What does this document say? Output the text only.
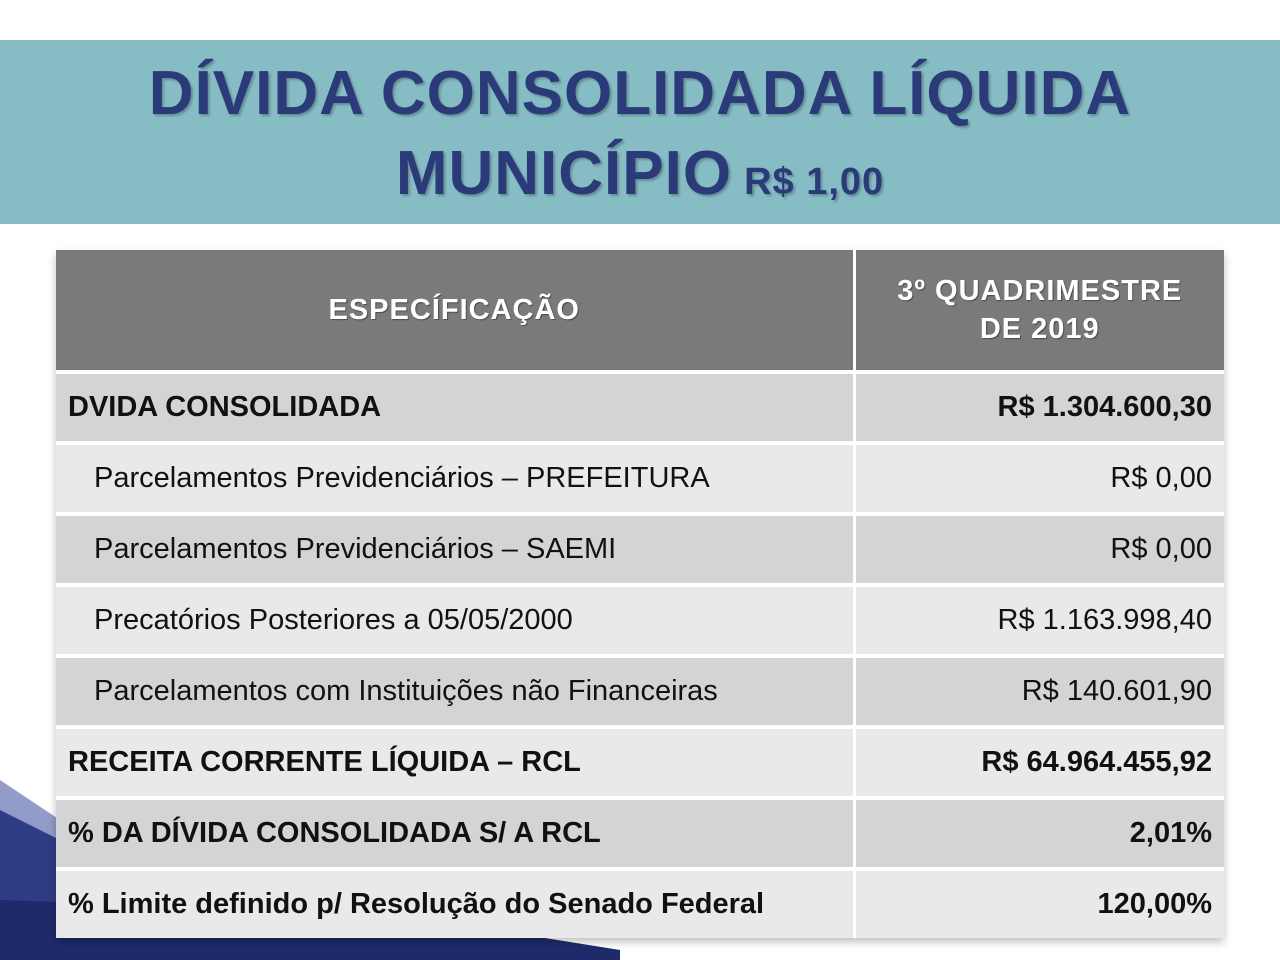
DÍVIDA CONSOLIDADA LÍQUIDA
MUNICÍPIO R$ 1,00
ESPECÍFICAÇÃO	3º QUADRIMESTRE
DE 2019
DVIDA CONSOLIDADA	R$ 1.304.600,30
Parcelamentos Previdenciários – PREFEITURA	R$ 0,00
Parcelamentos Previdenciários – SAEMI	R$ 0,00
Precatórios Posteriores a 05/05/2000	R$ 1.163.998,40
Parcelamentos com Instituições não Financeiras	R$ 140.601,90
RECEITA CORRENTE LÍQUIDA – RCL	R$ 64.964.455,92
% DA DÍVIDA CONSOLIDADA S/ A RCL	2,01%
% Limite definido p/ Resolução do Senado Federal	120,00%
